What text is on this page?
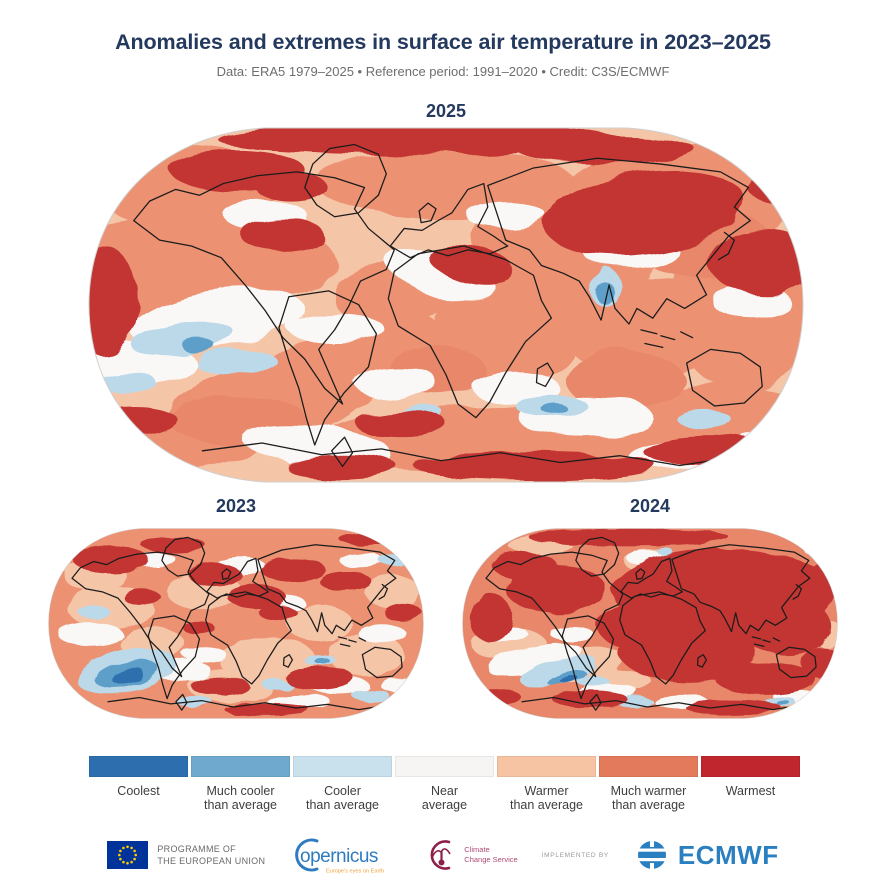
Anomalies and extremes in surface air temperature in 2023–2025

Data: ERA5 1979–2025 • Reference period: 1991–2020 • Credit: C3S/ECMWF

2025
2023	2024
Coolest	Much cooler
than average
Cooler
than average
Near
average
Warmer
than average
Much warmer
than average
Warmest
PROGRAMME OF
THE EUROPEAN UNION opernicus
Europe's eyes on Earth
Climate
Change Service	IMPLEMENTED BY	ECMWF
